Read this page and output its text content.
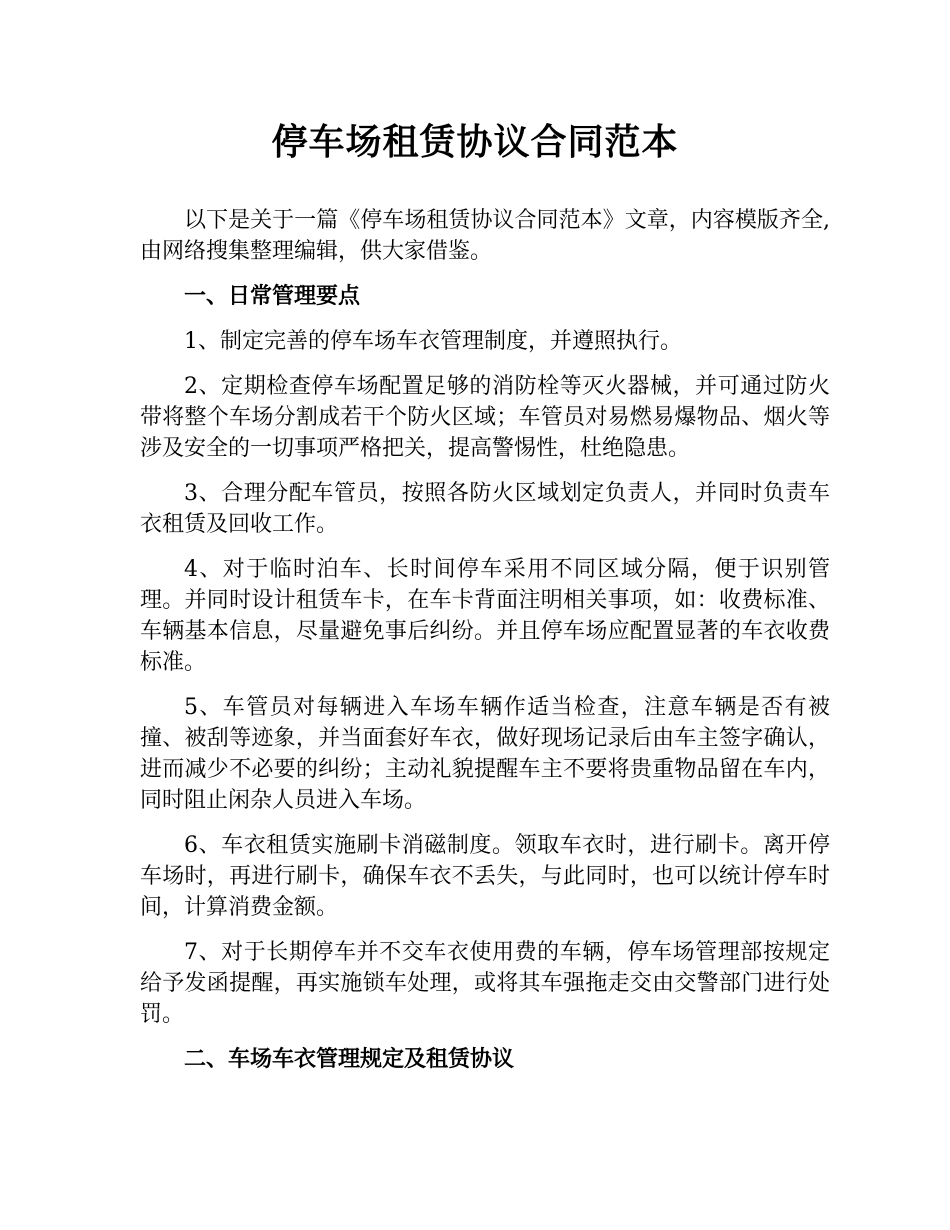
停车场租赁协议合同范本

以下是关于一篇《停车场租赁协议合同范本》文章，内容模版齐全,由网络搜集整理编辑，供大家借鉴。

一、日常管理要点

1、制定完善的停车场车衣管理制度，并遵照执行。

2、定期检查停车场配置足够的消防栓等灭火器械，并可通过防火带将整个车场分割成若干个防火区域；车管员对易燃易爆物品、烟火等涉及安全的一切事项严格把关，提高警惕性，杜绝隐患。

3、合理分配车管员，按照各防火区域划定负责人，并同时负责车衣租赁及回收工作。

4、对于临时泊车、长时间停车采用不同区域分隔，便于识别管理。并同时设计租赁车卡，在车卡背面注明相关事项，如：收费标准、车辆基本信息，尽量避免事后纠纷。并且停车场应配置显著的车衣收费标准。

5、车管员对每辆进入车场车辆作适当检查，注意车辆是否有被撞、被刮等迹象，并当面套好车衣，做好现场记录后由车主签字确认，进而减少不必要的纠纷；主动礼貌提醒车主不要将贵重物品留在车内，同时阻止闲杂人员进入车场。

6、车衣租赁实施刷卡消磁制度。领取车衣时，进行刷卡。离开停车场时，再进行刷卡，确保车衣不丢失，与此同时，也可以统计停车时间，计算消费金额。

7、对于长期停车并不交车衣使用费的车辆，停车场管理部按规定给予发函提醒，再实施锁车处理，或将其车强拖走交由交警部门进行处罚。

二、车场车衣管理规定及租赁协议
